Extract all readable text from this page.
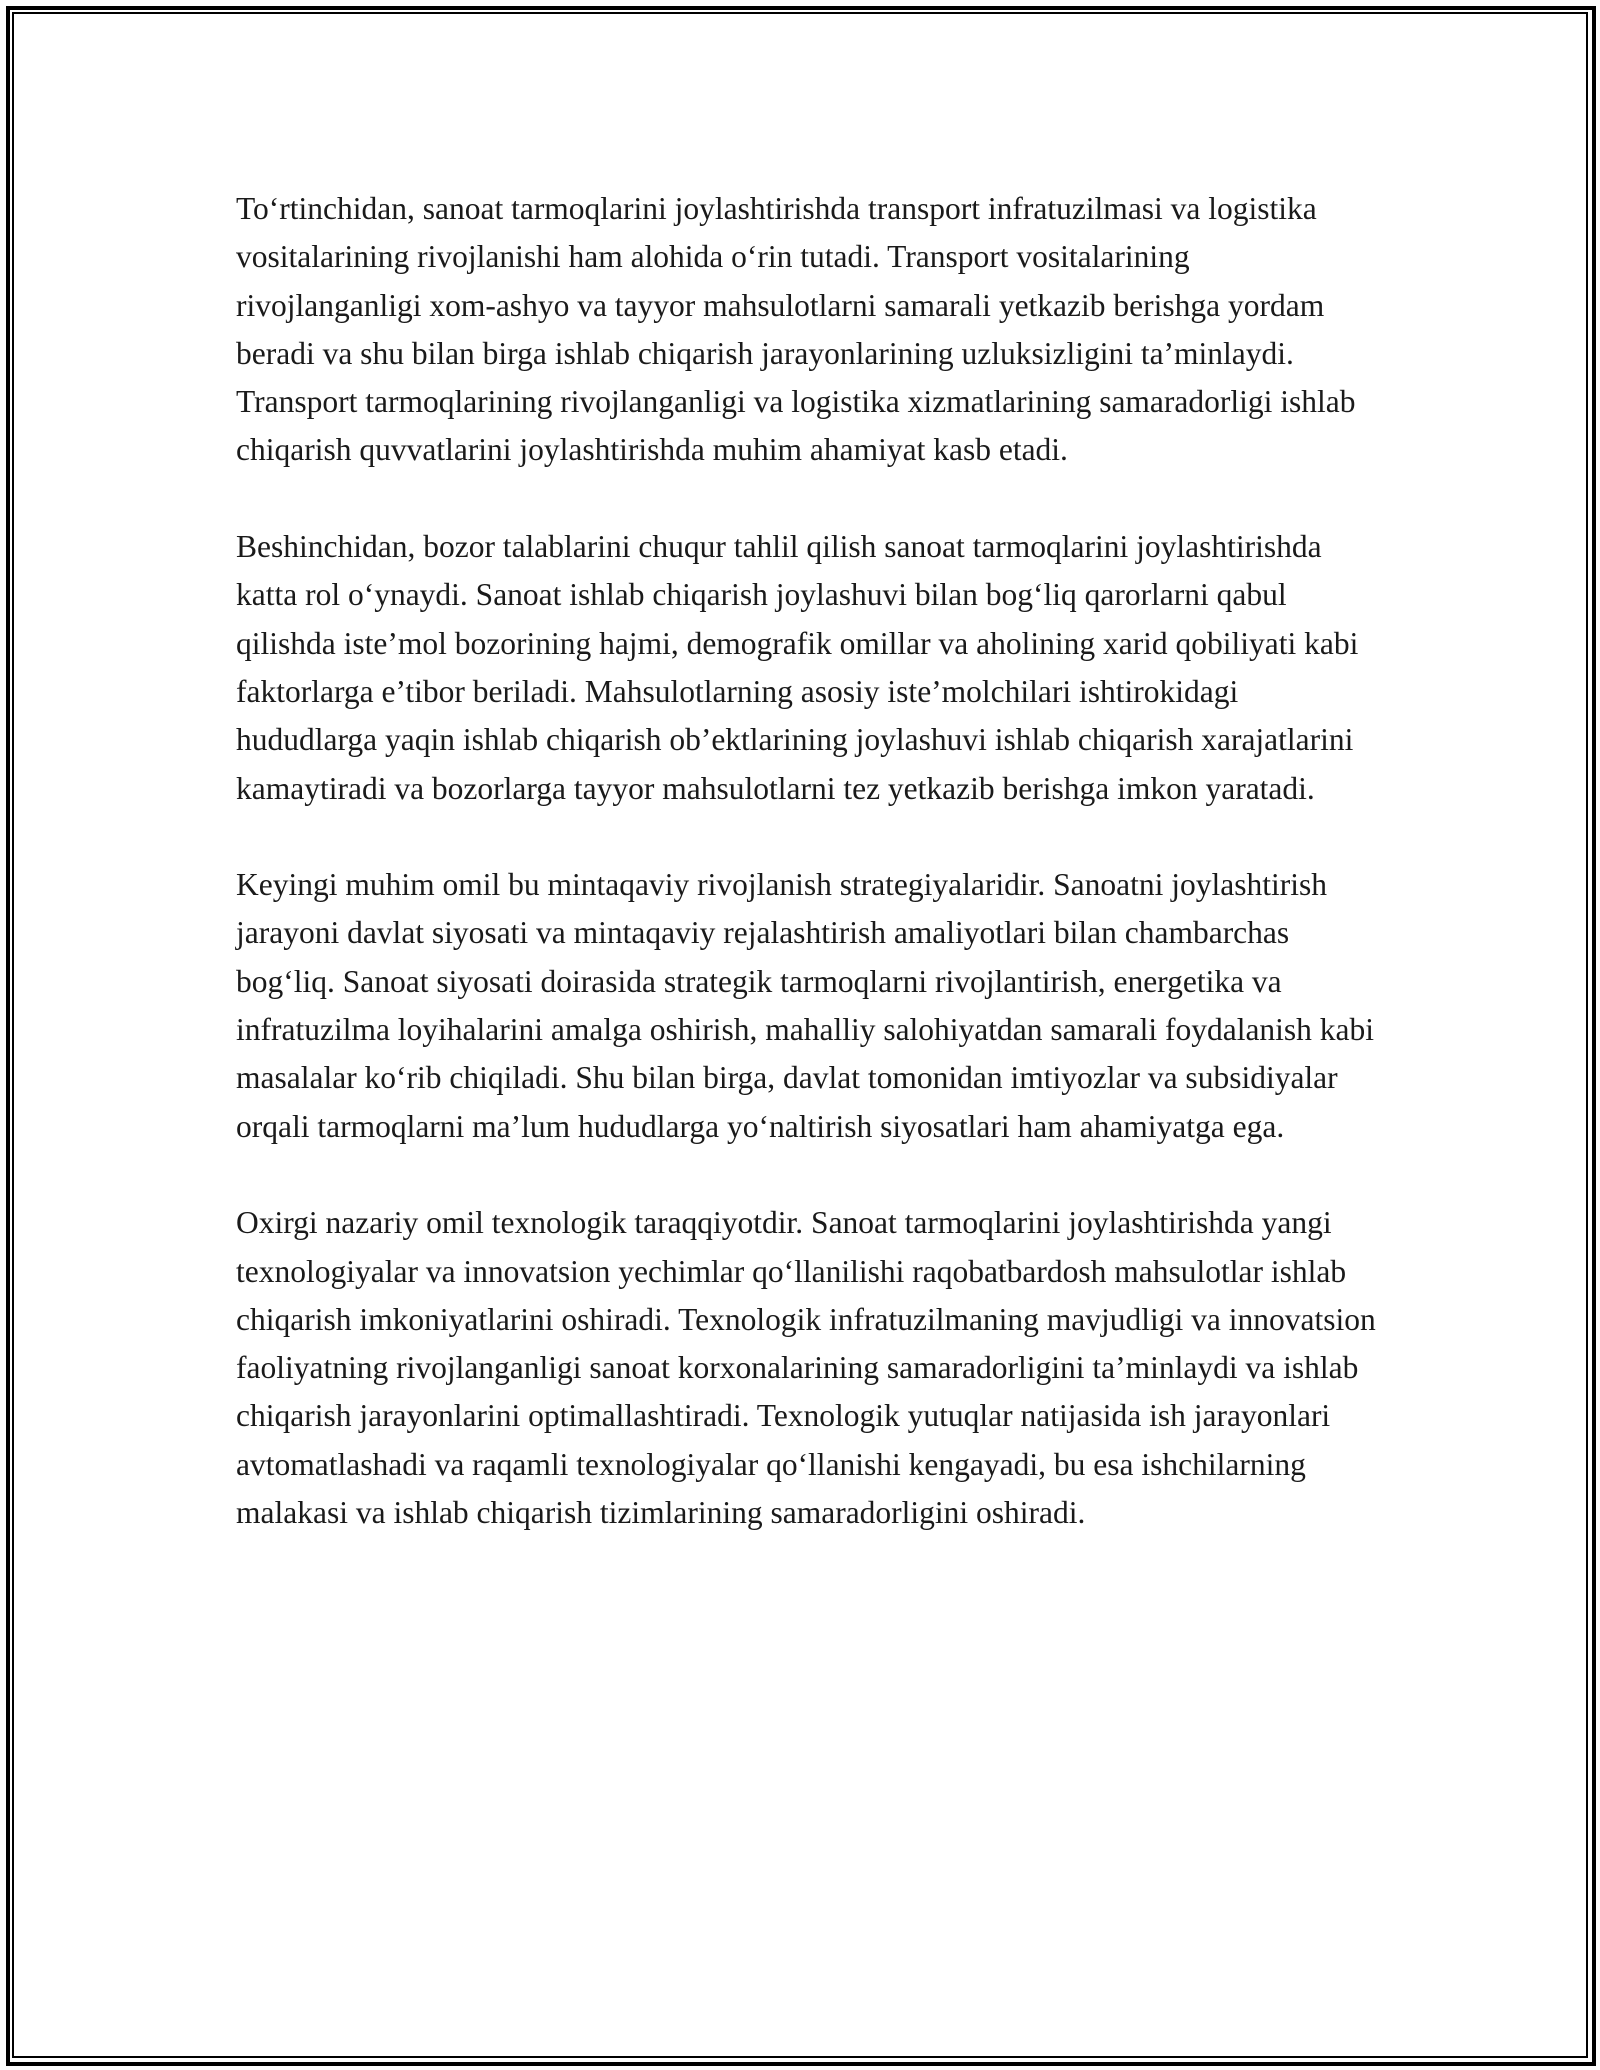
To‘rtinchidan, sanoat tarmoqlarini joylashtirishda transport infratuzilmasi va logistika vositalarining rivojlanishi ham alohida o‘rin tutadi. Transport vositalarining rivojlanganligi xom-ashyo va tayyor mahsulotlarni samarali yetkazib berishga yordam beradi va shu bilan birga ishlab chiqarish jarayonlarining uzluksizligini ta’minlaydi. Transport tarmoqlarining rivojlanganligi va logistika xizmatlarining samaradorligi ishlab chiqarish quvvatlarini joylashtirishda muhim ahamiyat kasb etadi.

Beshinchidan, bozor talablarini chuqur tahlil qilish sanoat tarmoqlarini joylashtirishda katta rol o‘ynaydi. Sanoat ishlab chiqarish joylashuvi bilan bog‘liq qarorlarni qabul qilishda iste’mol bozorining hajmi, demografik omillar va aholining xarid qobiliyati kabi faktorlarga e’tibor beriladi. Mahsulotlarning asosiy iste’molchilari ishtirokidagi hududlarga yaqin ishlab chiqarish ob’ektlarining joylashuvi ishlab chiqarish xarajatlarini kamaytiradi va bozorlarga tayyor mahsulotlarni tez yetkazib berishga imkon yaratadi.

Keyingi muhim omil bu mintaqaviy rivojlanish strategiyalaridir. Sanoatni joylashtirish jarayoni davlat siyosati va mintaqaviy rejalashtirish amaliyotlari bilan chambarchas bog‘liq. Sanoat siyosati doirasida strategik tarmoqlarni rivojlantirish, energetika va infratuzilma loyihalarini amalga oshirish, mahalliy salohiyatdan samarali foydalanish kabi masalalar ko‘rib chiqiladi. Shu bilan birga, davlat tomonidan imtiyozlar va subsidiyalar orqali tarmoqlarni ma’lum hududlarga yo‘naltirish siyosatlari ham ahamiyatga ega.

Oxirgi nazariy omil texnologik taraqqiyotdir. Sanoat tarmoqlarini joylashtirishda yangi texnologiyalar va innovatsion yechimlar qo‘llanilishi raqobatbardosh mahsulotlar ishlab chiqarish imkoniyatlarini oshiradi. Texnologik infratuzilmaning mavjudligi va innovatsion faoliyatning rivojlanganligi sanoat korxonalarining samaradorligini ta’minlaydi va ishlab chiqarish jarayonlarini optimallashtiradi. Texnologik yutuqlar natijasida ish jarayonlari avtomatlashadi va raqamli texnologiyalar qo‘llanishi kengayadi, bu esa ishchilarning malakasi va ishlab chiqarish tizimlarining samaradorligini oshiradi.
